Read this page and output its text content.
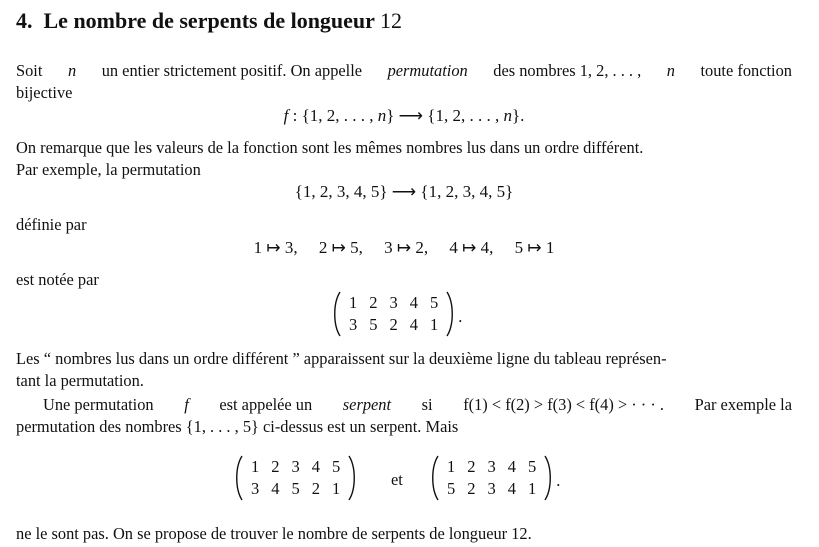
4. Le nombre de serpents de longueur 12
Soit n un entier strictement positif. On appelle permutation des nombres 1, 2, . . . , n toute fonction
bijective
f : {1, 2, . . . , n} ⟶ {1, 2, . . . , n}.
On remarque que les valeurs de la fonction sont les mêmes nombres lus dans un ordre différent.
Par exemple, la permutation
{1, 2, 3, 4, 5} ⟶ {1, 2, 3, 4, 5}
définie par
1 ↦ 3,     2 ↦ 5,     3 ↦ 2,     4 ↦ 4,     5 ↦ 1
est notée par
1	2	3	4	5
3	5	2	4	1 .
Les “ nombres lus dans un ordre différent ” apparaissent sur la deuxième ligne du tableau représen-
tant la permutation.
Une permutation f est appelée un serpent si f(1) < f(2) > f(3) < f(4) > · · · . Par exemple la
permutation des nombres {1, . . . , 5} ci-dessus est un serpent. Mais
1	2	3	4	5
3	4	5	2	1	et
1	2	3	4	5
5	2	3	4	1 .
ne le sont pas. On se propose de trouver le nombre de serpents de longueur 12.
